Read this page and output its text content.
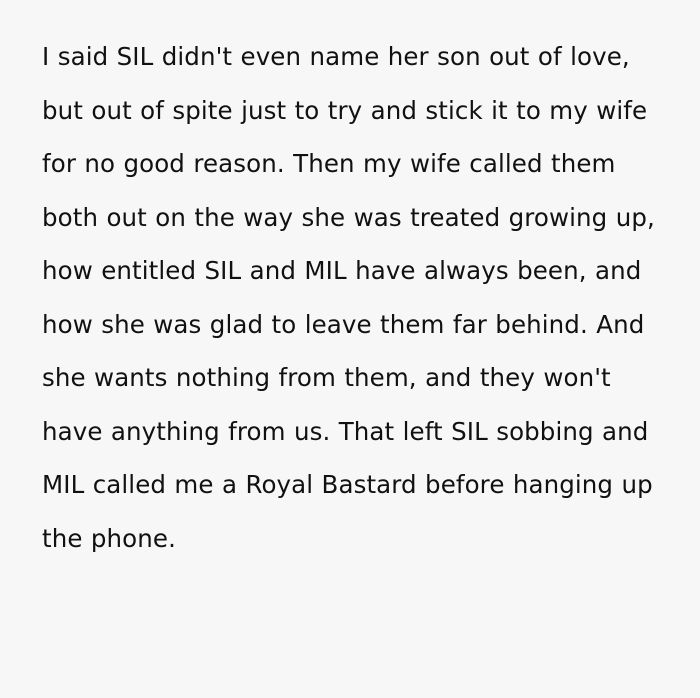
I said SIL didn't even name her son out of love, but out of spite just to try and stick it to my wife for no good reason. Then my wife called them both out on the way she was treated growing up, how entitled SIL and MIL have always been, and how she was glad to leave them far behind. And she wants nothing from them, and they won't have anything from us. That left SIL sobbing and MIL called me a Royal Bastard before hanging up the phone.
